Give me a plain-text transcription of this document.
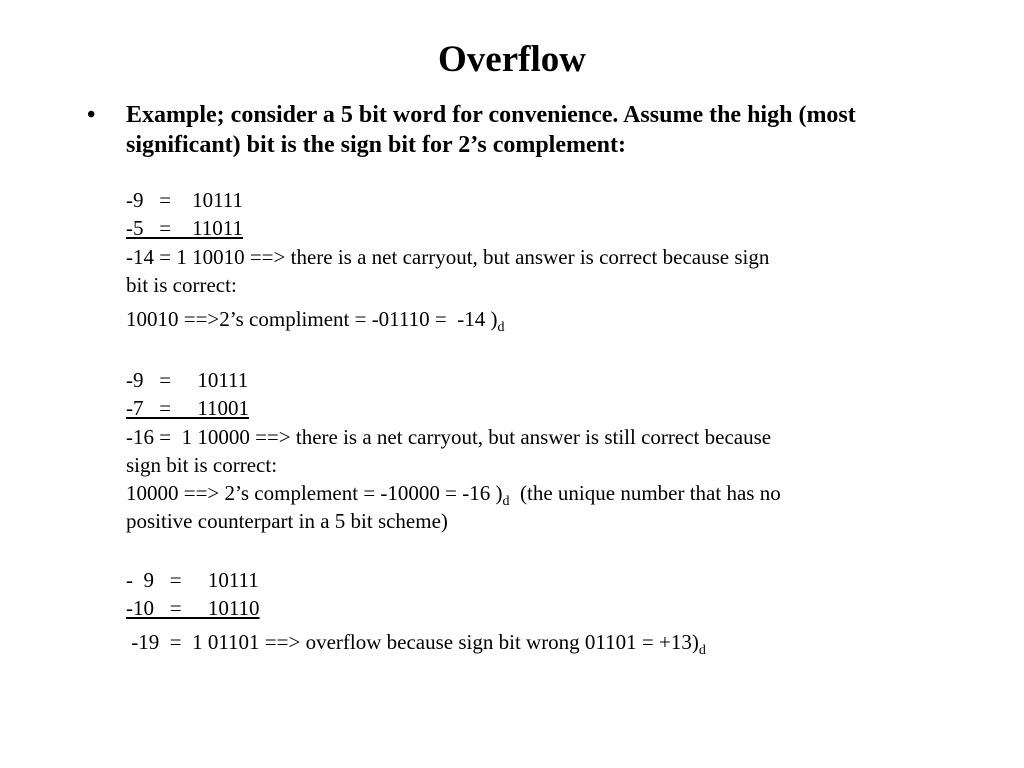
Overflow
• Example; consider a 5 bit word for convenience. Assume the high (most significant) bit is the sign bit for 2’s complement:
-9   =    10111
-5   =    11011
-14 = 1 10010 ==> there is a net carryout, but answer is correct because sign
bit is correct:
10010 ==>2’s compliment = -01110 =  -14 )$_d$
-9   =     10111
-7   =     11001
-16 =  1 10000 ==> there is a net carryout, but answer is still correct because
sign bit is correct:
10000 ==> 2’s complement = -10000 = -16 )$_d$  (the unique number that has no
positive counterpart in a 5 bit scheme)
-  9   =     10111
-10   =     10110
-19  =  1 01101 ==> overflow because sign bit wrong $01101 = +13)_d$
